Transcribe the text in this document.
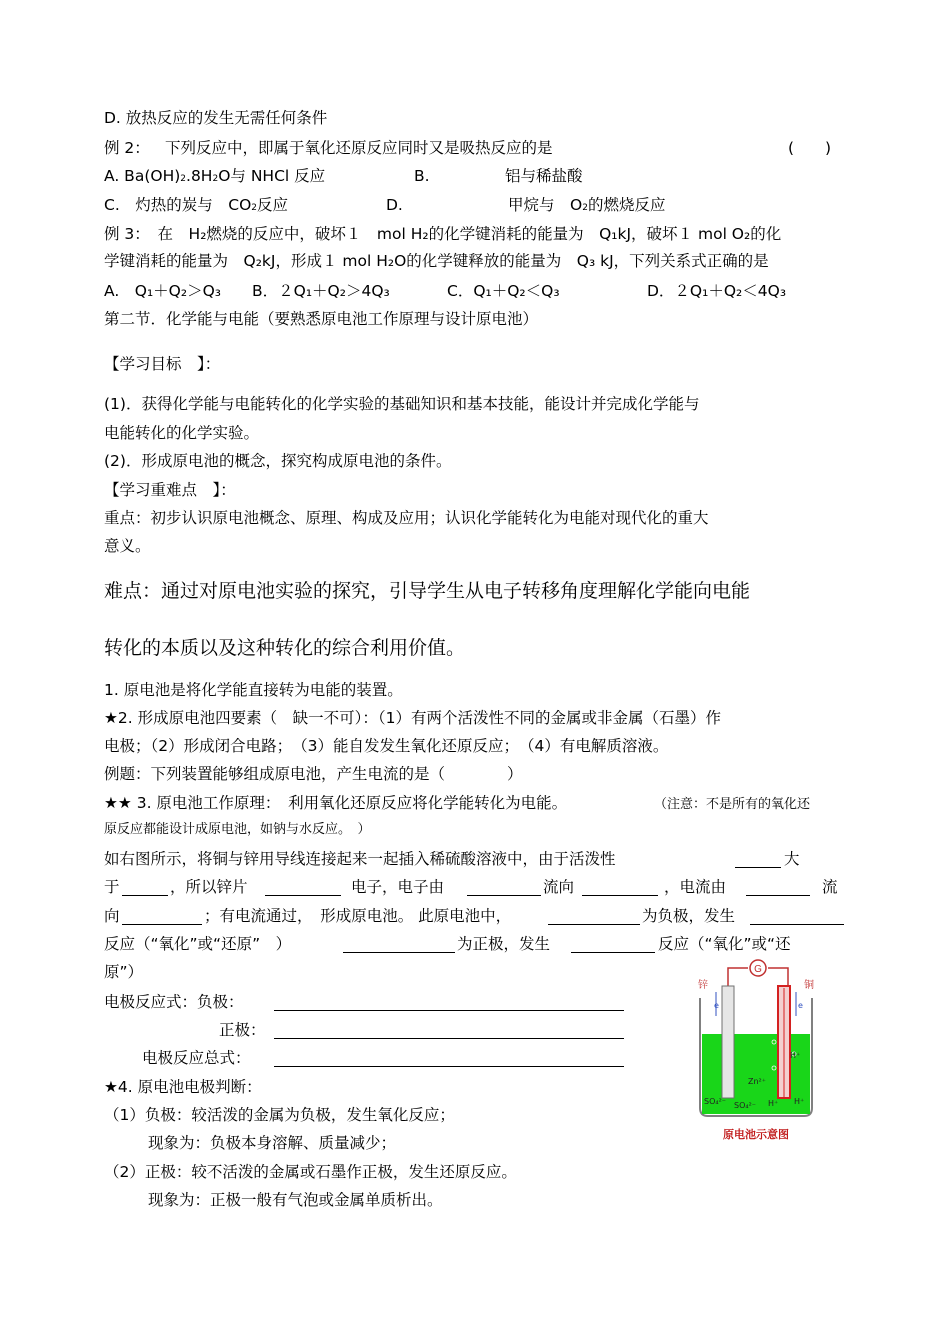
D. 放热反应的发生无需任何条件
例 2： 下列反应中，即属于氧化还原反应同时又是吸热反应的是	(　　)
A. Ba(OH)2.8H2O与 NHCl 反应	B.	铝与稀盐酸
C.　灼热的炭与　CO2反应	D.	甲烷与　O2的燃烧反应
例 3：　在　H₂燃烧的反应中，破坏１　mol H₂的化学键消耗的能量为　Q₁kJ，破坏１ mol O₂的化
学键消耗的能量为　Q₂kJ，形成１ mol H₂O的化学键释放的能量为　Q₃ kJ，下列关系式正确的是
A.　Q₁＋Q₂＞Q₃ B．２Q₁＋Q₂＞4Q₃	C．Q₁＋Q₂＜Q₃	D．２Q₁＋Q₂＜4Q₃
第二节．化学能与电能（要熟悉原电池工作原理与设计原电池）
【学习目标　】：
(1)．获得化学能与电能转化的化学实验的基础知识和基本技能，能设计并完成化学能与
电能转化的化学实验。
(2)．形成原电池的概念，探究构成原电池的条件。
【学习重难点　】：
重点：初步认识原电池概念、原理、构成及应用；认识化学能转化为电能对现代化的重大
意义。
难点：通过对原电池实验的探究，引导学生从电子转移角度理解化学能向电能
转化的本质以及这种转化的综合利用价值。
1. 原电池是将化学能直接转为电能的装置。
★2. 形成原电池四要素（　缺一不可）：（1）有两个活泼性不同的金属或非金属（石墨）作
电极；（2）形成闭合电路；　（3）能自发发生氧化还原反应；　（4）有电解质溶液。
例题：下列装置能够组成原电池，产生电流的是（　　　　）
★★ 3. 原电池工作原理：　利用氧化还原反应将化学能转化为电能。	（注意：不是所有的氧化还
原反应都能设计成原电池，如钠与水反应。　）
如右图所示，将铜与锌用导线连接起来一起插入稀硫酸溶液中，由于活泼性	大
于	，所以锌片	电子，电子由	流向	，电流由	流
向	；有电流通过，　形成原电池。 此原电池中，	为负极，发生
反应（“氧化”或“还原”　）	为正极，发生	反应（“氧化”或“还
原”）
电极反应式：负极：
正极：
电极反应总式：
★4. 原电池电极判断：
（1）负极：较活泼的金属为负极，发生氧化反应；
现象为：负极本身溶解、质量减少；
（2）正极：较不活泼的金属或石墨作正极，发生还原反应。
现象为：正极一般有气泡或金属单质析出。
G
锌	铜
e	e
Zn²⁺
SO₄²⁻ SO₄²⁻ H⁺ H⁺
H⁺
原电池示意图
